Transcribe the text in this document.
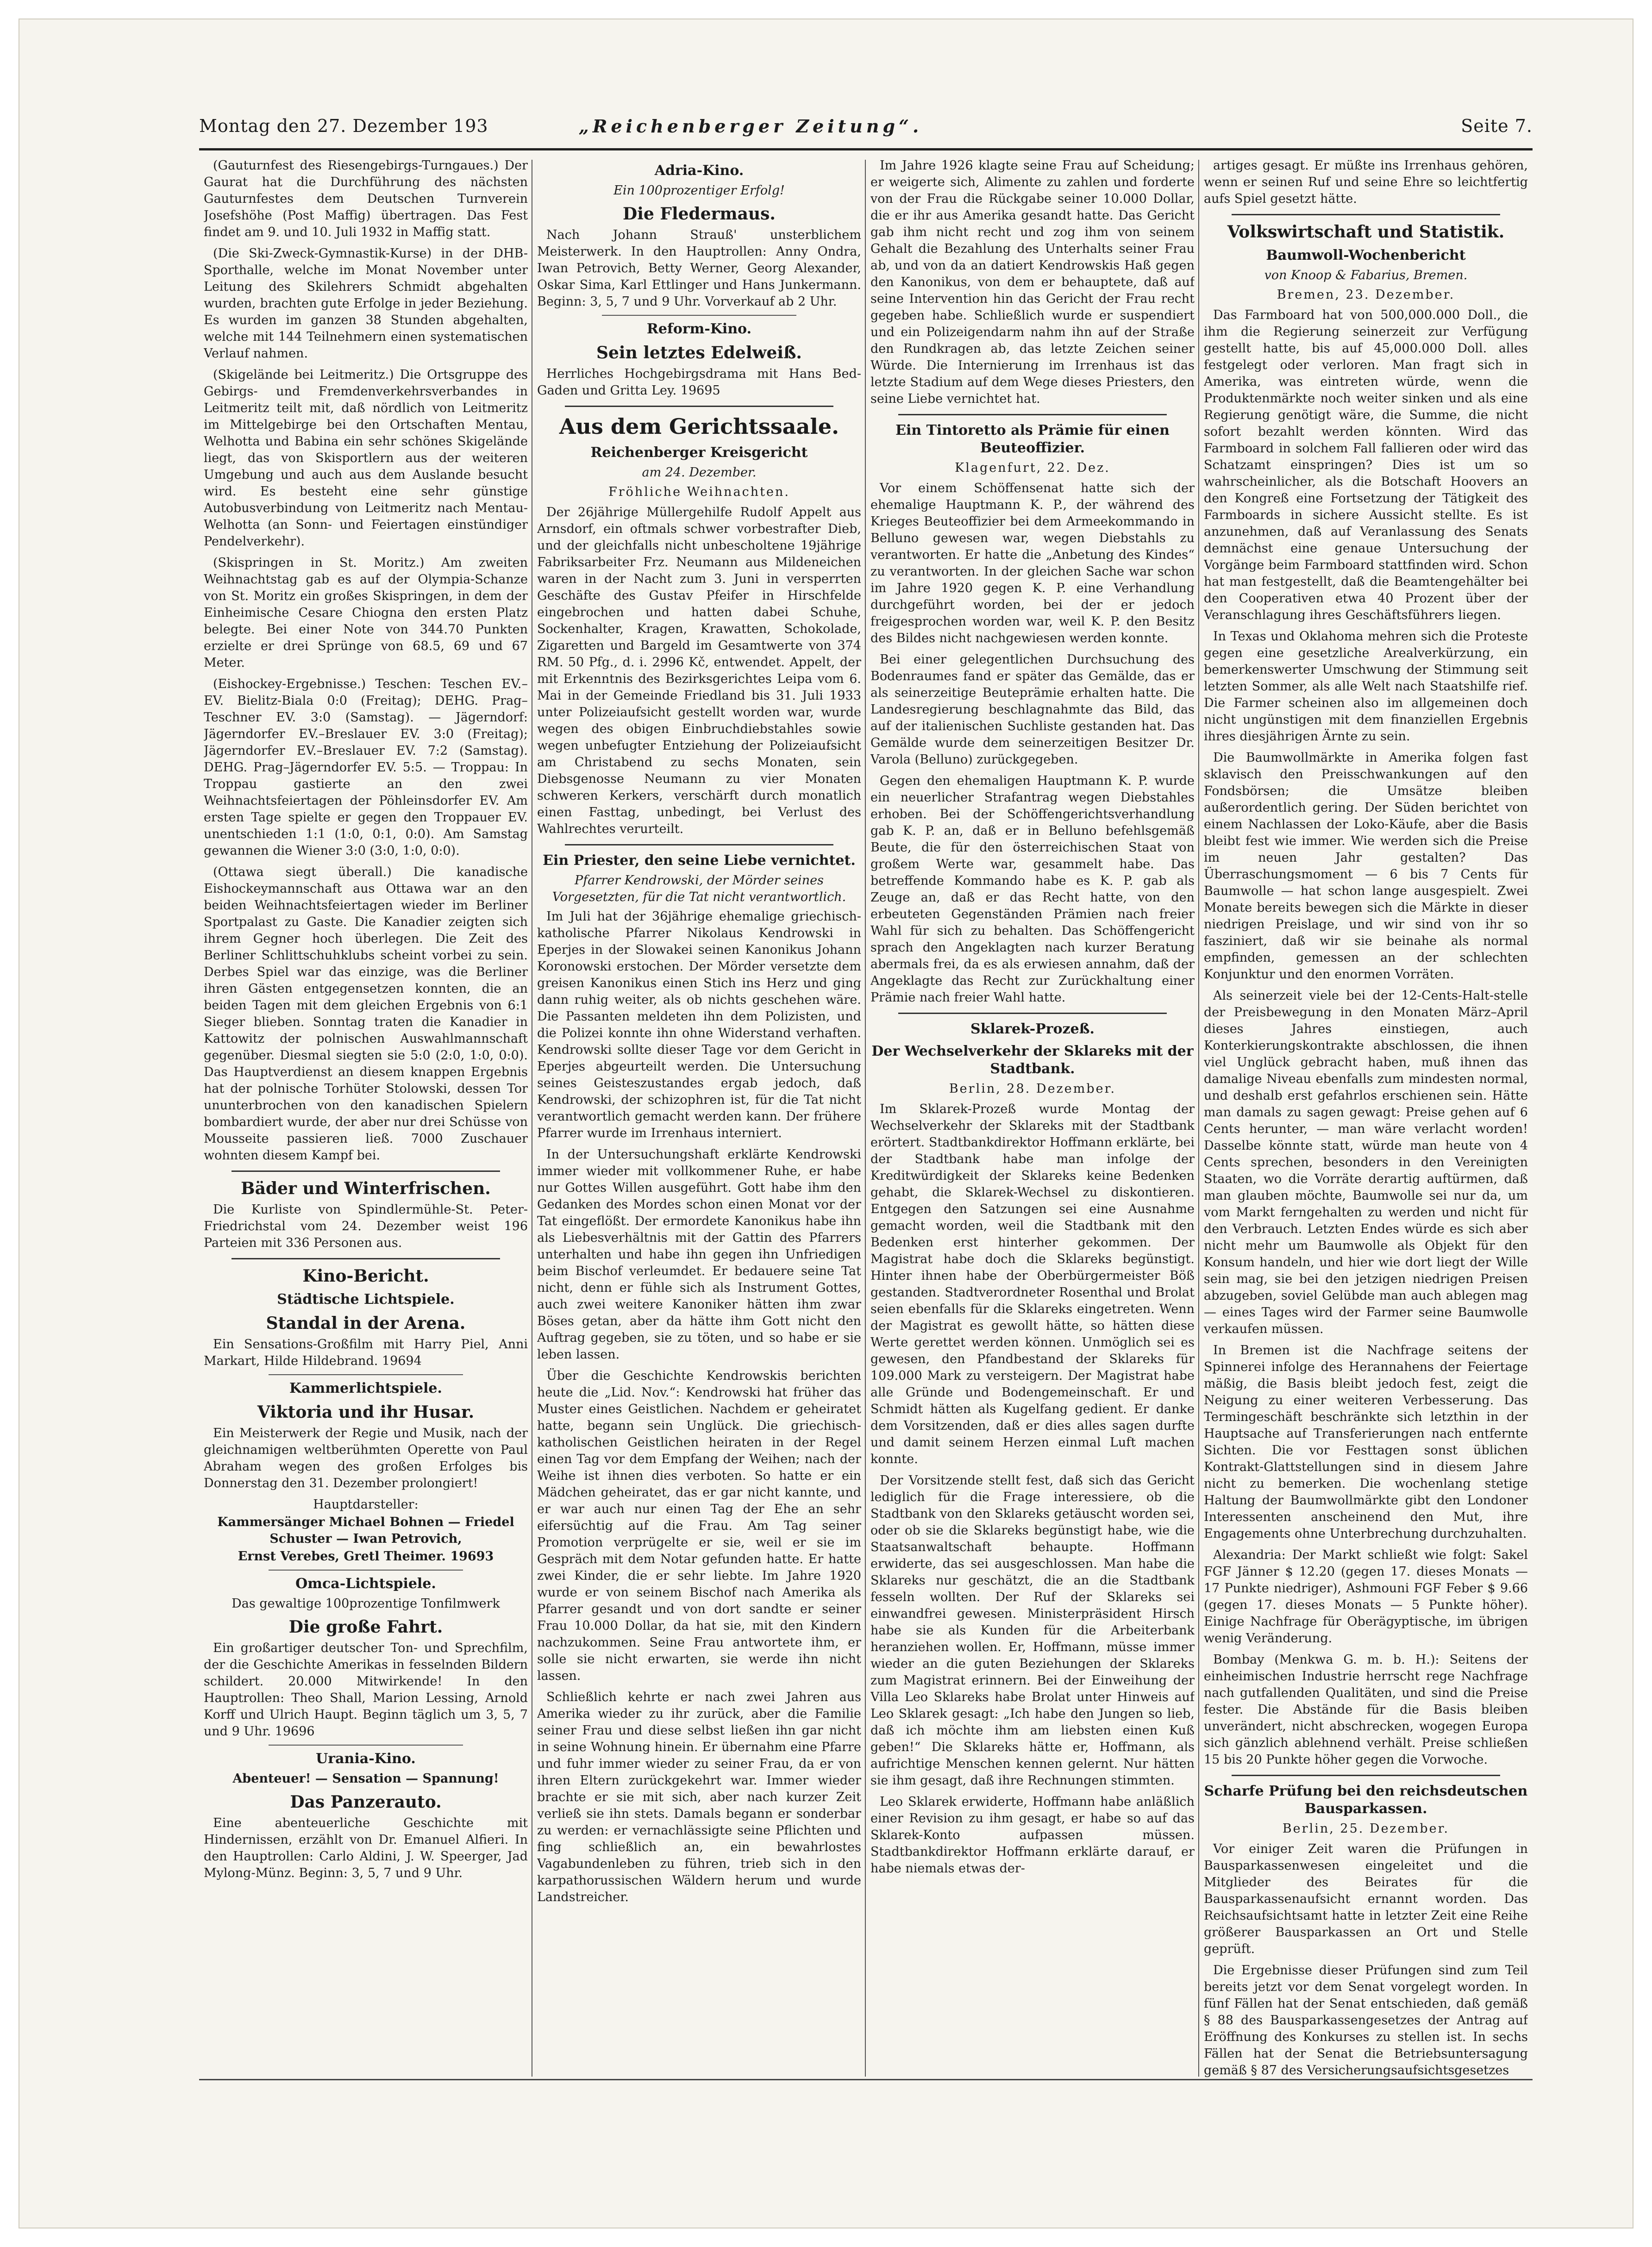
Montag den 27. Dezember 193	„Reichenberger Zeitung“.	Seite 7.

(Gauturnfest des Riesengebirgs-Turngaues.) Der Gaurat hat die Durchführung des nächsten Gauturnfestes dem Deutschen Turnverein Josefshöhe (Post Maffig) übertragen. Das Fest findet am 9. und 10. Juli 1932 in Maffig statt.

(Die Ski-Zweck-Gymnastik-Kurse) in der DHB-Sporthalle, welche im Monat November unter Leitung des Skilehrers Schmidt abgehalten wurden, brachten gute Erfolge in jeder Beziehung. Es wurden im ganzen 38 Stunden abgehalten, welche mit 144 Teilnehmern einen systematischen Verlauf nahmen.

(Skigelände bei Leitmeritz.) Die Ortsgruppe des Gebirgs- und Fremdenverkehrsverbandes in Leitmeritz teilt mit, daß nördlich von Leitmeritz im Mittelgebirge bei den Ortschaften Mentau, Welhotta und Babina ein sehr schönes Skigelände liegt, das von Skisportlern aus der weiteren Umgebung und auch aus dem Auslande besucht wird. Es besteht eine sehr günstige Autobusverbindung von Leitmeritz nach Mentau-Welhotta (an Sonn- und Feiertagen einstündiger Pendelverkehr).

(Skispringen in St. Moritz.) Am zweiten Weihnachtstag gab es auf der Olympia-Schanze von St. Moritz ein großes Skispringen, in dem der Einheimische Cesare Chiogna den ersten Platz belegte. Bei einer Note von 344.70 Punkten erzielte er drei Sprünge von 68.5, 69 und 67 Meter.

(Eishockey-Ergebnisse.) Teschen: Teschen EV.–EV. Bielitz-Biala 0:0 (Freitag); DEHG. Prag–Teschner EV. 3:0 (Samstag). — Jägerndorf: Jägerndorfer EV.–Breslauer EV. 3:0 (Freitag); Jägerndorfer EV.–Breslauer EV. 7:2 (Samstag). DEHG. Prag–Jägerndorfer EV. 5:5. — Troppau: In Troppau gastierte an den zwei Weihnachtsfeiertagen der Pöhleinsdorfer EV. Am ersten Tage spielte er gegen den Troppauer EV. unentschieden 1:1 (1:0, 0:1, 0:0). Am Samstag gewannen die Wiener 3:0 (3:0, 1:0, 0:0).

(Ottawa siegt überall.) Die kanadische Eishockeymannschaft aus Ottawa war an den beiden Weihnachtsfeiertagen wieder im Berliner Sportpalast zu Gaste. Die Kanadier zeigten sich ihrem Gegner hoch überlegen. Die Zeit des Berliner Schlittschuhklubs scheint vorbei zu sein. Derbes Spiel war das einzige, was die Berliner ihren Gästen entgegensetzen konnten, die an beiden Tagen mit dem gleichen Ergebnis von 6:1 Sieger blieben. Sonntag traten die Kanadier in Kattowitz der polnischen Auswahlmannschaft gegenüber. Diesmal siegten sie 5:0 (2:0, 1:0, 0:0). Das Hauptverdienst an diesem knappen Ergebnis hat der polnische Torhüter Stolowski, dessen Tor ununterbrochen von den kanadischen Spielern bombardiert wurde, der aber nur drei Schüsse von Mousseite passieren ließ. 7000 Zuschauer wohnten diesem Kampf bei.

Bäder und Winterfrischen.

Die Kurliste von Spindlermühle-St. Peter-Friedrichstal vom 24. Dezember weist 196 Parteien mit 336 Personen aus.

Kino-Bericht.
Städtische Lichtspiele.
Standal in der Arena.

Ein Sensations-Großfilm mit Harry Piel, Anni Markart, Hilde Hildebrand. 19694

Kammerlichtspiele.
Viktoria und ihr Husar.

Ein Meisterwerk der Regie und Musik, nach der gleichnamigen weltberühmten Operette von Paul Abraham wegen des großen Erfolges bis Donnerstag den 31. Dezember prolongiert!

Hauptdarsteller:
Kammersänger Michael Bohnen — Friedel Schuster — Iwan Petrovich,
Ernst Verebes, Gretl Theimer. 19693
Omca-Lichtspiele.
Das gewaltige 100prozentige Tonfilmwerk
Die große Fahrt.

Ein großartiger deutscher Ton- und Sprechfilm, der die Geschichte Amerikas in fesselnden Bildern schildert. 20.000 Mitwirkende! In den Hauptrollen: Theo Shall, Marion Lessing, Arnold Korff und Ulrich Haupt. Beginn täglich um 3, 5, 7 und 9 Uhr. 19696

Urania-Kino.
Abenteuer! — Sensation — Spannung!
Das Panzerauto.

Eine abenteuerliche Geschichte mit Hindernissen, erzählt von Dr. Emanuel Alfieri. In den Hauptrollen: Carlo Aldini, J. W. Speerger, Jad Mylong-Münz. Beginn: 3, 5, 7 und 9 Uhr.

Adria-Kino.
Ein 100prozentiger Erfolg!
Die Fledermaus.

Nach Johann Strauß' unsterblichem Meisterwerk. In den Hauptrollen: Anny Ondra, Iwan Petrovich, Betty Werner, Georg Alexander, Oskar Sima, Karl Ettlinger und Hans Junkermann. Beginn: 3, 5, 7 und 9 Uhr. Vorverkauf ab 2 Uhr.

Reform-Kino.
Sein letztes Edelweiß.

Herrliches Hochgebirgsdrama mit Hans Bed-Gaden und Gritta Ley. 19695

Aus dem Gerichtssaale.
Reichenberger Kreisgericht
am 24. Dezember.
Fröhliche Weihnachten.

Der 26jährige Müllergehilfe Rudolf Appelt aus Arnsdorf, ein oftmals schwer vorbestrafter Dieb, und der gleichfalls nicht unbescholtene 19jährige Fabriksarbeiter Frz. Neumann aus Mildeneichen waren in der Nacht zum 3. Juni in versperrten Geschäfte des Gustav Pfeifer in Hirschfelde eingebrochen und hatten dabei Schuhe, Sockenhalter, Kragen, Krawatten, Schokolade, Zigaretten und Bargeld im Gesamtwerte von 374 RM. 50 Pfg., d. i. 2996 Kč, entwendet. Appelt, der mit Erkenntnis des Bezirksgerichtes Leipa vom 6. Mai in der Gemeinde Friedland bis 31. Juli 1933 unter Polizeiaufsicht gestellt worden war, wurde wegen des obigen Einbruchdiebstahles sowie wegen unbefugter Entziehung der Polizeiaufsicht am Christabend zu sechs Monaten, sein Diebsgenosse Neumann zu vier Monaten schweren Kerkers, verschärft durch monatlich einen Fasttag, unbedingt, bei Verlust des Wahlrechtes verurteilt.

Ein Priester, den seine Liebe vernichtet.
Pfarrer Kendrowski, der Mörder seines Vorgesetzten, für die Tat nicht verantwortlich.

Im Juli hat der 36jährige ehemalige griechisch-katholische Pfarrer Nikolaus Kendrowski in Eperjes in der Slowakei seinen Kanonikus Johann Koronowski erstochen. Der Mörder versetzte dem greisen Kanonikus einen Stich ins Herz und ging dann ruhig weiter, als ob nichts geschehen wäre. Die Passanten meldeten ihn dem Polizisten, und die Polizei konnte ihn ohne Widerstand verhaften. Kendrowski sollte dieser Tage vor dem Gericht in Eperjes abgeurteilt werden. Die Untersuchung seines Geisteszustandes ergab jedoch, daß Kendrowski, der schizophren ist, für die Tat nicht verantwortlich gemacht werden kann. Der frühere Pfarrer wurde im Irrenhaus interniert.

In der Untersuchungshaft erklärte Kendrowski immer wieder mit vollkommener Ruhe, er habe nur Gottes Willen ausgeführt. Gott habe ihm den Gedanken des Mordes schon einen Monat vor der Tat eingeflößt. Der ermordete Kanonikus habe ihn als Liebesverhältnis mit der Gattin des Pfarrers unterhalten und habe ihn gegen ihn Unfriedigen beim Bischof verleumdet. Er bedauere seine Tat nicht, denn er fühle sich als Instrument Gottes, auch zwei weitere Kanoniker hätten ihm zwar Böses getan, aber da hätte ihm Gott nicht den Auftrag gegeben, sie zu töten, und so habe er sie leben lassen.

Über die Geschichte Kendrowskis berichten heute die „Lid. Nov.“: Kendrowski hat früher das Muster eines Geistlichen. Nachdem er geheiratet hatte, begann sein Unglück. Die griechisch-katholischen Geistlichen heiraten in der Regel einen Tag vor dem Empfang der Weihen; nach der Weihe ist ihnen dies verboten. So hatte er ein Mädchen geheiratet, das er gar nicht kannte, und er war auch nur einen Tag der Ehe an sehr eifersüchtig auf die Frau. Am Tag seiner Promotion verprügelte er sie, weil er sie im Gespräch mit dem Notar gefunden hatte. Er hatte zwei Kinder, die er sehr liebte. Im Jahre 1920 wurde er von seinem Bischof nach Amerika als Pfarrer gesandt und von dort sandte er seiner Frau 10.000 Dollar, da hat sie, mit den Kindern nachzukommen. Seine Frau antwortete ihm, er solle sie nicht erwarten, sie werde ihn nicht lassen.

Schließlich kehrte er nach zwei Jahren aus Amerika wieder zu ihr zurück, aber die Familie seiner Frau und diese selbst ließen ihn gar nicht in seine Wohnung hinein. Er übernahm eine Pfarre und fuhr immer wieder zu seiner Frau, da er von ihren Eltern zurückgekehrt war. Immer wieder brachte er sie mit sich, aber nach kurzer Zeit verließ sie ihn stets. Damals begann er sonderbar zu werden: er vernachlässigte seine Pflichten und fing schließlich an, ein bewahrlostes Vagabundenleben zu führen, trieb sich in den karpathorussischen Wäldern herum und wurde Landstreicher.

Im Jahre 1926 klagte seine Frau auf Scheidung; er weigerte sich, Alimente zu zahlen und forderte von der Frau die Rückgabe seiner 10.000 Dollar, die er ihr aus Amerika gesandt hatte. Das Gericht gab ihm nicht recht und zog ihm von seinem Gehalt die Bezahlung des Unterhalts seiner Frau ab, und von da an datiert Kendrowskis Haß gegen den Kanonikus, von dem er behauptete, daß auf seine Intervention hin das Gericht der Frau recht gegeben habe. Schließlich wurde er suspendiert und ein Polizeigendarm nahm ihn auf der Straße den Rundkragen ab, das letzte Zeichen seiner Würde. Die Internierung im Irrenhaus ist das letzte Stadium auf dem Wege dieses Priesters, den seine Liebe vernichtet hat.

Ein Tintoretto als Prämie für einen Beuteoffizier.
Klagenfurt, 22. Dez.

Vor einem Schöffensenat hatte sich der ehemalige Hauptmann K. P., der während des Krieges Beuteoffizier bei dem Armeekommando in Belluno gewesen war, wegen Diebstahls zu verantworten. Er hatte die „Anbetung des Kindes“ zu verantworten. In der gleichen Sache war schon im Jahre 1920 gegen K. P. eine Verhandlung durchgeführt worden, bei der er jedoch freigesprochen worden war, weil K. P. den Besitz des Bildes nicht nachgewiesen werden konnte.

Bei einer gelegentlichen Durchsuchung des Bodenraumes fand er später das Gemälde, das er als seinerzeitige Beuteprämie erhalten hatte. Die Landesregierung beschlagnahmte das Bild, das auf der italienischen Suchliste gestanden hat. Das Gemälde wurde dem seinerzeitigen Besitzer Dr. Varola (Belluno) zurückgegeben.

Gegen den ehemaligen Hauptmann K. P. wurde ein neuerlicher Strafantrag wegen Diebstahles erhoben. Bei der Schöffengerichtsverhandlung gab K. P. an, daß er in Belluno befehlsgemäß Beute, die für den österreichischen Staat von großem Werte war, gesammelt habe. Das betreffende Kommando habe es K. P. gab als Zeuge an, daß er das Recht hatte, von den erbeuteten Gegenständen Prämien nach freier Wahl für sich zu behalten. Das Schöffengericht sprach den Angeklagten nach kurzer Beratung abermals frei, da es als erwiesen annahm, daß der Angeklagte das Recht zur Zurückhaltung einer Prämie nach freier Wahl hatte.

Sklarek-Prozeß.
Der Wechselverkehr der Sklareks mit der Stadtbank.
Berlin, 28. Dezember.

Im Sklarek-Prozeß wurde Montag der Wechselverkehr der Sklareks mit der Stadtbank erörtert. Stadtbankdirektor Hoffmann erklärte, bei der Stadtbank habe man infolge der Kreditwürdigkeit der Sklareks keine Bedenken gehabt, die Sklarek-Wechsel zu diskontieren. Entgegen den Satzungen sei eine Ausnahme gemacht worden, weil die Stadtbank mit den Bedenken erst hinterher gekommen. Der Magistrat habe doch die Sklareks begünstigt. Hinter ihnen habe der Oberbürgermeister Böß gestanden. Stadtverordneter Rosenthal und Brolat seien ebenfalls für die Sklareks eingetreten. Wenn der Magistrat es gewollt hätte, so hätten diese Werte gerettet werden können. Unmöglich sei es gewesen, den Pfandbestand der Sklareks für 109.000 Mark zu versteigern. Der Magistrat habe alle Gründe und Bodengemeinschaft. Er und Schmidt hätten als Kugelfang gedient. Er danke dem Vorsitzenden, daß er dies alles sagen durfte und damit seinem Herzen einmal Luft machen konnte.

Der Vorsitzende stellt fest, daß sich das Gericht lediglich für die Frage interessiere, ob die Stadtbank von den Sklareks getäuscht worden sei, oder ob sie die Sklareks begünstigt habe, wie die Staatsanwaltschaft behaupte. Hoffmann erwiderte, das sei ausgeschlossen. Man habe die Sklareks nur geschätzt, die an die Stadtbank fesseln wollten. Der Ruf der Sklareks sei einwandfrei gewesen. Ministerpräsident Hirsch habe sie als Kunden für die Arbeiterbank heranziehen wollen. Er, Hoffmann, müsse immer wieder an die guten Beziehungen der Sklareks zum Magistrat erinnern. Bei der Einweihung der Villa Leo Sklareks habe Brolat unter Hinweis auf Leo Sklarek gesagt: „Ich habe den Jungen so lieb, daß ich möchte ihm am liebsten einen Kuß geben!“ Die Sklareks hätte er, Hoffmann, als aufrichtige Menschen kennen gelernt. Nur hätten sie ihm gesagt, daß ihre Rechnungen stimmten.

Leo Sklarek erwiderte, Hoffmann habe anläßlich einer Revision zu ihm gesagt, er habe so auf das Sklarek-Konto aufpassen müssen. Stadtbankdirektor Hoffmann erklärte darauf, er habe niemals etwas der-

artiges gesagt. Er müßte ins Irrenhaus gehören, wenn er seinen Ruf und seine Ehre so leichtfertig aufs Spiel gesetzt hätte.

Volkswirtschaft und Statistik.
Baumwoll-Wochenbericht
von Knoop & Fabarius, Bremen.
Bremen, 23. Dezember.

Das Farmboard hat von 500,000.000 Doll., die ihm die Regierung seinerzeit zur Verfügung gestellt hatte, bis auf 45,000.000 Doll. alles festgelegt oder verloren. Man fragt sich in Amerika, was eintreten würde, wenn die Produktenmärkte noch weiter sinken und als eine Regierung genötigt wäre, die Summe, die nicht sofort bezahlt werden könnten. Wird das Farmboard in solchem Fall fallieren oder wird das Schatzamt einspringen? Dies ist um so wahrscheinlicher, als die Botschaft Hoovers an den Kongreß eine Fortsetzung der Tätigkeit des Farmboards in sichere Aussicht stellte. Es ist anzunehmen, daß auf Veranlassung des Senats demnächst eine genaue Untersuchung der Vorgänge beim Farmboard stattfinden wird. Schon hat man festgestellt, daß die Beamtengehälter bei den Cooperativen etwa 40 Prozent über der Veranschlagung ihres Geschäftsführers liegen.

In Texas und Oklahoma mehren sich die Proteste gegen eine gesetzliche Arealverkürzung, ein bemerkenswerter Umschwung der Stimmung seit letzten Sommer, als alle Welt nach Staatshilfe rief. Die Farmer scheinen also im allgemeinen doch nicht ungünstigen mit dem finanziellen Ergebnis ihres diesjährigen Ärnte zu sein.

Die Baumwollmärkte in Amerika folgen fast sklavisch den Preisschwankungen auf den Fondsbörsen; die Umsätze bleiben außerordentlich gering. Der Süden berichtet von einem Nachlassen der Loko-Käufe, aber die Basis bleibt fest wie immer. Wie werden sich die Preise im neuen Jahr gestalten? Das Überraschungsmoment — 6 bis 7 Cents für Baumwolle — hat schon lange ausgespielt. Zwei Monate bereits bewegen sich die Märkte in dieser niedrigen Preislage, und wir sind von ihr so fasziniert, daß wir sie beinahe als normal empfinden, gemessen an der schlechten Konjunktur und den enormen Vorräten.

Als seinerzeit viele bei der 12-Cents-Halt-stelle der Preisbewegung in den Monaten März–April dieses Jahres einstiegen, auch Konterkierungskontrakte abschlossen, die ihnen viel Unglück gebracht haben, muß ihnen das damalige Niveau ebenfalls zum mindesten normal, und deshalb erst gefahrlos erschienen sein. Hätte man damals zu sagen gewagt: Preise gehen auf 6 Cents herunter, — man wäre verlacht worden! Dasselbe könnte statt, würde man heute von 4 Cents sprechen, besonders in den Vereinigten Staaten, wo die Vorräte derartig auftürmen, daß man glauben möchte, Baumwolle sei nur da, um vom Markt ferngehalten zu werden und nicht für den Verbrauch. Letzten Endes würde es sich aber nicht mehr um Baumwolle als Objekt für den Konsum handeln, und hier wie dort liegt der Wille sein mag, sie bei den jetzigen niedrigen Preisen abzugeben, soviel Gelübde man auch ablegen mag — eines Tages wird der Farmer seine Baumwolle verkaufen müssen.

In Bremen ist die Nachfrage seitens der Spinnerei infolge des Herannahens der Feiertage mäßig, die Basis bleibt jedoch fest, zeigt die Neigung zu einer weiteren Verbesserung. Das Termingeschäft beschränkte sich letzthin in der Hauptsache auf Transferierungen nach entfernte Sichten. Die vor Festtagen sonst üblichen Kontrakt-Glattstellungen sind in diesem Jahre nicht zu bemerken. Die wochenlang stetige Haltung der Baumwollmärkte gibt den Londoner Interessenten anscheinend den Mut, ihre Engagements ohne Unterbrechung durchzuhalten.

Alexandria: Der Markt schließt wie folgt: Sakel FGF Jänner $ 12.20 (gegen 17. dieses Monats — 17 Punkte niedriger), Ashmouni FGF Feber $ 9.66 (gegen 17. dieses Monats — 5 Punkte höher). Einige Nachfrage für Oberägyptische, im übrigen wenig Veränderung.

Bombay (Menkwa G. m. b. H.): Seitens der einheimischen Industrie herrscht rege Nachfrage nach gutfallenden Qualitäten, und sind die Preise fester. Die Abstände für die Basis bleiben unverändert, nicht abschrecken, wogegen Europa sich gänzlich ablehnend verhält. Preise schließen 15 bis 20 Punkte höher gegen die Vorwoche.

Scharfe Prüfung bei den reichsdeutschen Bausparkassen.
Berlin, 25. Dezember.

Vor einiger Zeit waren die Prüfungen in Bausparkassenwesen eingeleitet und die Mitglieder des Beirates für die Bausparkassenaufsicht ernannt worden. Das Reichsaufsichtsamt hatte in letzter Zeit eine Reihe größerer Bausparkassen an Ort und Stelle geprüft.

Die Ergebnisse dieser Prüfungen sind zum Teil bereits jetzt vor dem Senat vorgelegt worden. In fünf Fällen hat der Senat entschieden, daß gemäß § 88 des Bausparkassengesetzes der Antrag auf Eröffnung des Konkurses zu stellen ist. In sechs Fällen hat der Senat die Betriebsuntersagung gemäß § 87 des Versicherungsaufsichtsgesetzes
